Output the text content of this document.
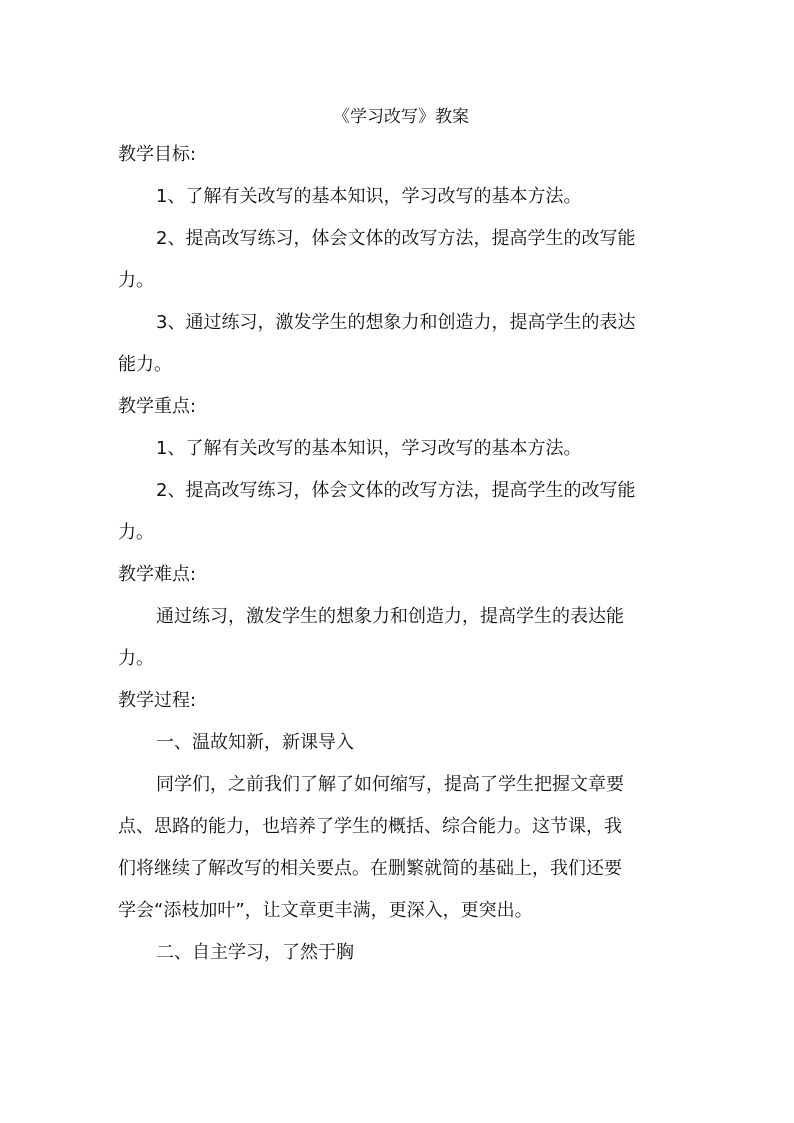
《学习改写》教案

教学目标:

1、了解有关改写的基本知识，学习改写的基本方法。

2、提高改写练习，体会文体的改写方法，提高学生的改写能

力。

3、通过练习，激发学生的想象力和创造力，提高学生的表达

能力。

教学重点:

1、了解有关改写的基本知识，学习改写的基本方法。

2、提高改写练习，体会文体的改写方法，提高学生的改写能

力。

教学难点:

通过练习，激发学生的想象力和创造力，提高学生的表达能

力。

教学过程:

一、温故知新，新课导入

同学们，之前我们了解了如何缩写，提高了学生把握文章要

点、思路的能力，也培养了学生的概括、综合能力。这节课，我

们将继续了解改写的相关要点。在删繁就简的基础上，我们还要

学会“添枝加叶”，让文章更丰满，更深入，更突出。

二、自主学习，了然于胸
